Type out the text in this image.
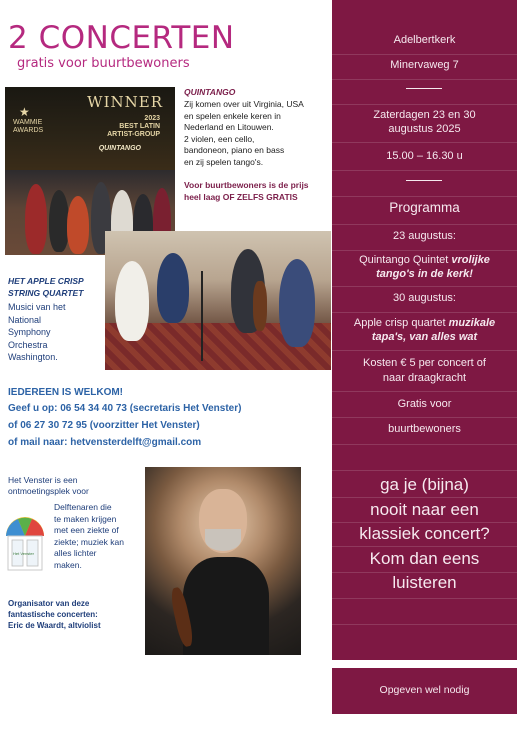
2 CONCERTEN
gratis voor buurtbewoners
★
WAMMIE AWARDS
WINNER
2023
BEST LATIN
ARTIST-GROUP
QUINTANGO
QUINTANGO
Zij komen over uit Virginia, USA
en spelen enkele keren in
Nederland en Litouwen.
2 violen, een cello,
bandoneon, piano en bass
en zij spelen tango's.
Voor buurtbewoners is de prijs
heel laag OF ZELFS GRATIS
HET APPLE CRISP
STRING QUARTET
Musici van het
National
Symphony
Orchestra
Washington.
IEDEREEN IS WELKOM!
Geef u op: 06 54 34 40 73 (secretaris Het Venster)
of 06 27 30 72 95 (voorzitter Het Venster)
of mail naar: hetvensterdelft@gmail.com
Het Venster is een
ontmoetingsplek voor
Het Venster
Delftenaren die
te maken krijgen
met een ziekte of
ziekte; muziek kan
alles lichter
maken.
Organisator van deze
fantastische concerten:
Eric de Waardt, altviolist
Adelbertkerk
Minervaweg 7
Zaterdagen 23 en 30
augustus 2025
15.00 – 16.30 u
Programma
23 augustus:
Quintango Quintet vrolijke
tango's in de kerk!
30 augustus:
Apple crisp quartet muzikale
tapa's, van alles wat
Kosten € 5 per concert of
naar draagkracht
Gratis voor
buurtbewoners
ga je (bijna)
nooit naar een
klassiek concert?
Kom dan eens
luisteren
Opgeven wel nodig
